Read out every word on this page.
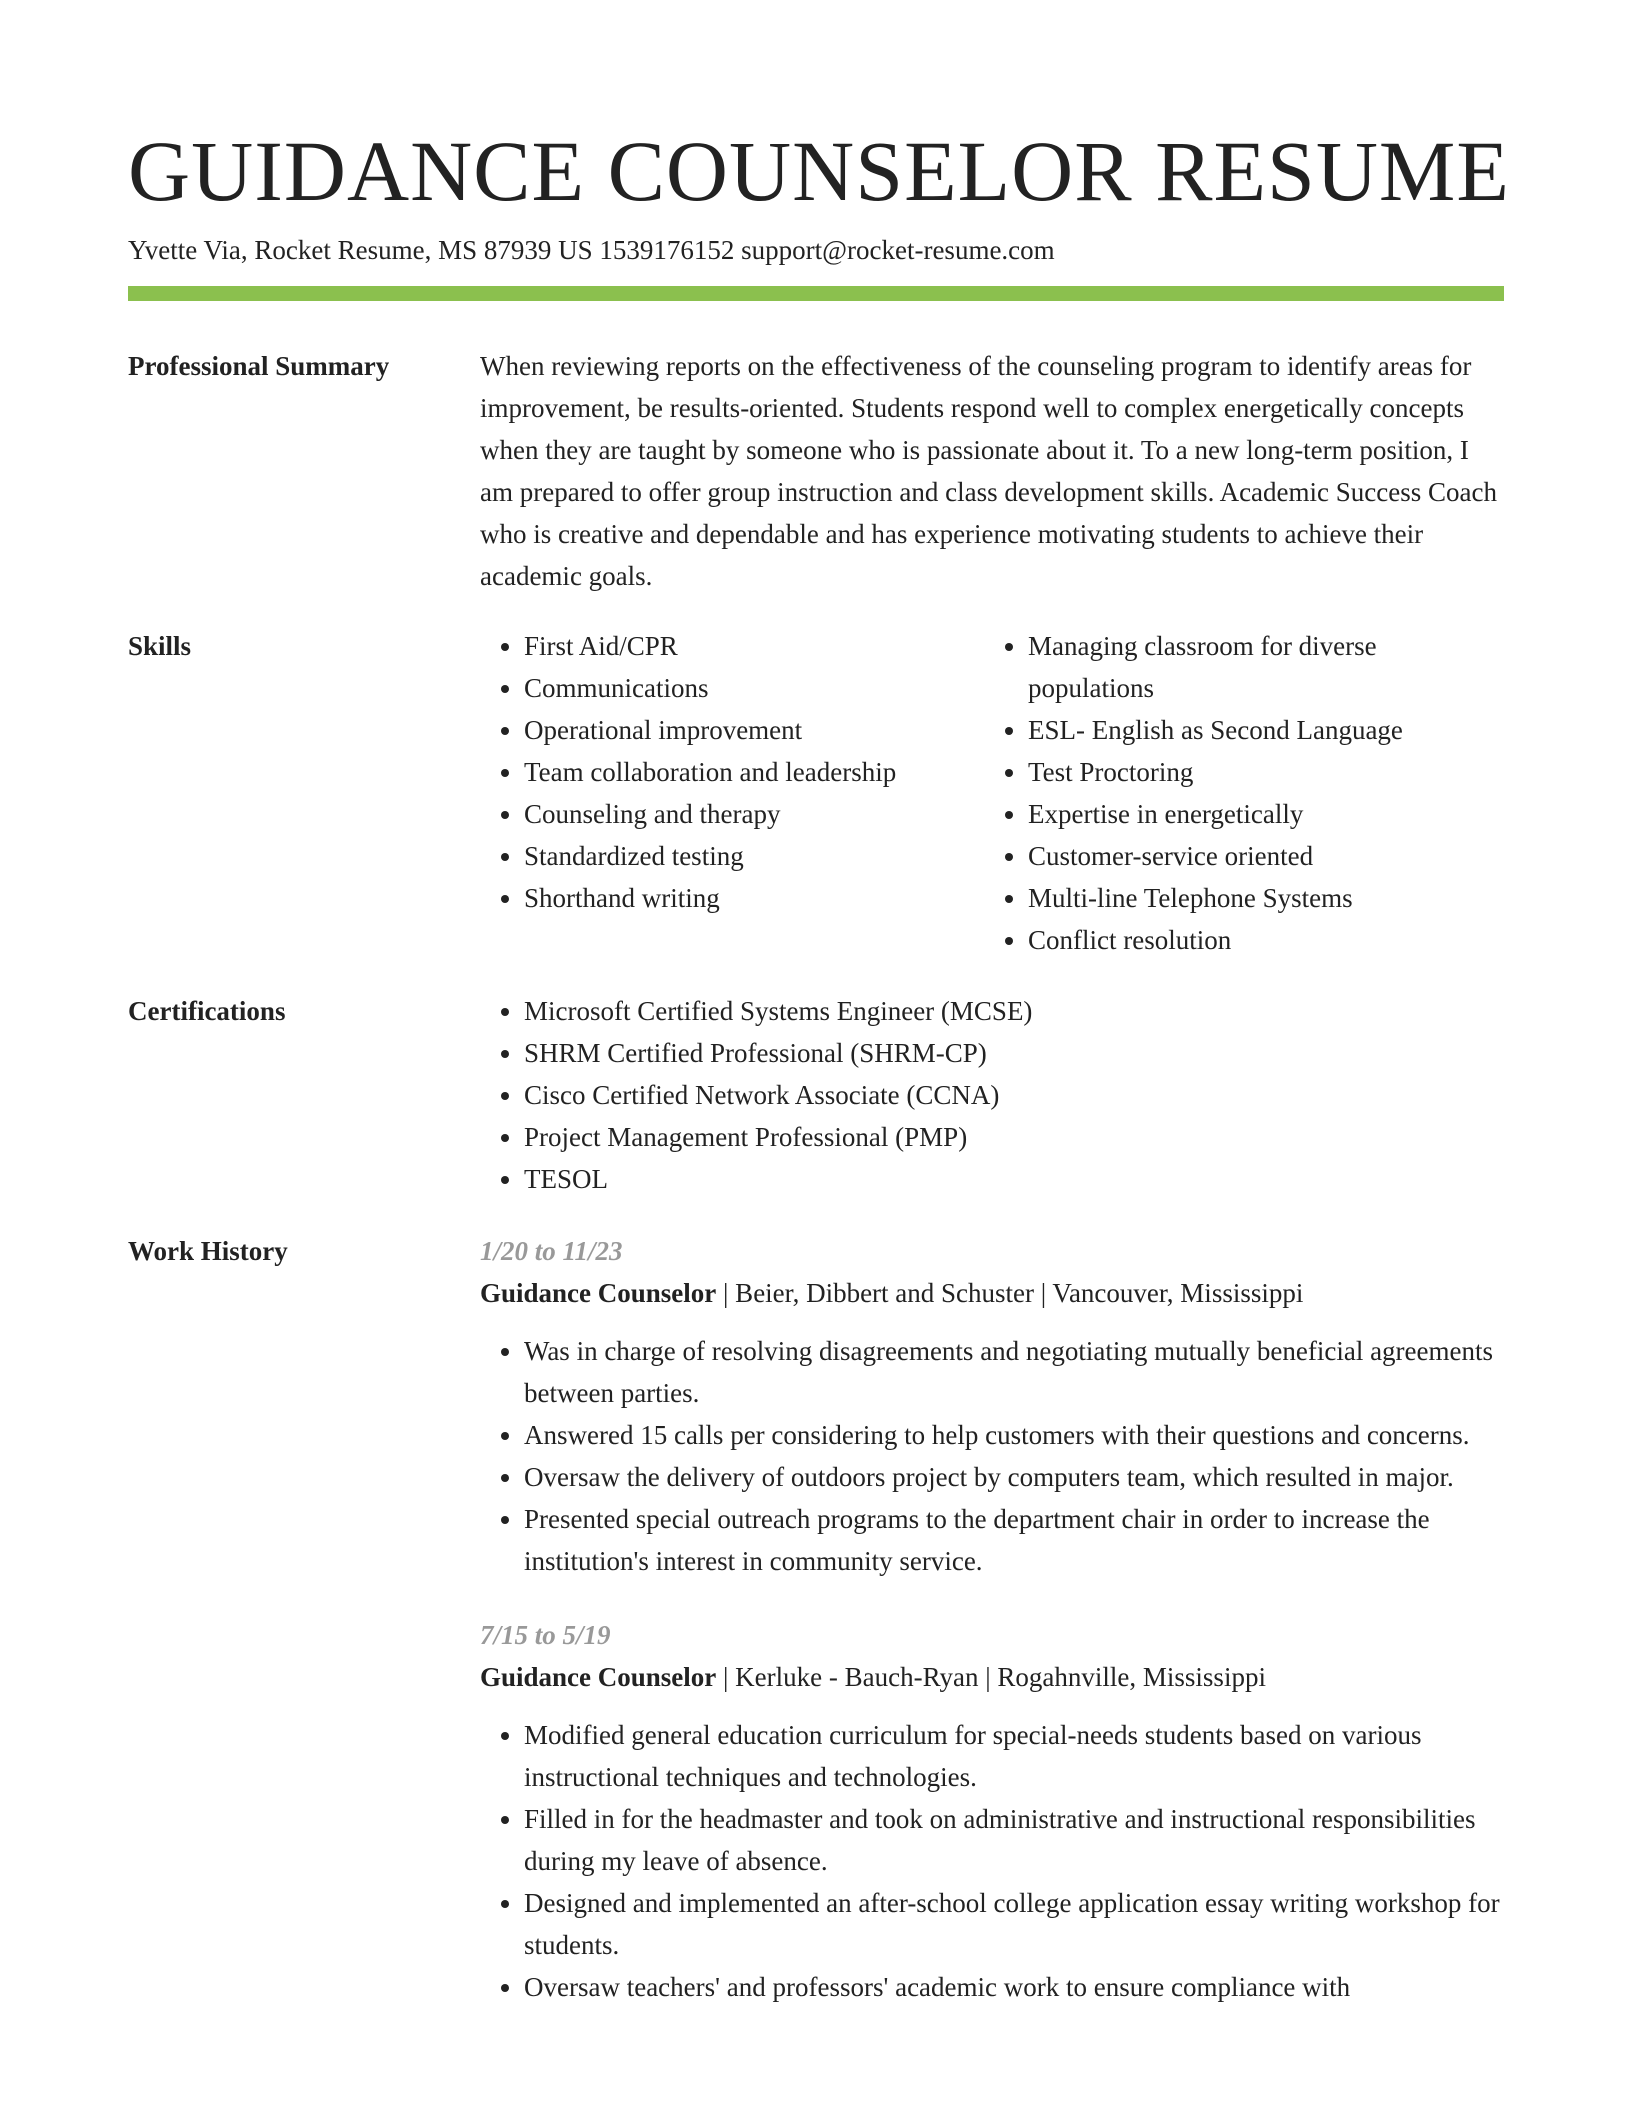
GUIDANCE COUNSELOR RESUME
Yvette Via, Rocket Resume, MS 87939 US 1539176152 support@rocket-resume.com
Professional Summary	When reviewing reports on the effectiveness of the counseling program to identify areas for improvement, be results-oriented. Students respond well to complex energetically concepts when they are taught by someone who is passionate about it. To a new long-term position, I am prepared to offer group instruction and class development skills. Academic Success Coach who is creative and dependable and has experience motivating students to achieve their academic goals.

Skills	• First Aid/CPR
• Communications
• Operational improvement
• Team collaboration and leadership
• Counseling and therapy
• Standardized testing
• Shorthand writing
• Managing classroom for diverse populations
• ESL- English as Second Language
• Test Proctoring
• Expertise in energetically
• Customer-service oriented
• Multi-line Telephone Systems
• Conflict resolution
Certifications	• Microsoft Certified Systems Engineer (MCSE)
• SHRM Certified Professional (SHRM-CP)
• Cisco Certified Network Associate (CCNA)
• Project Management Professional (PMP)
• TESOL
Work History	1/20 to 11/23
Guidance Counselor | Beier, Dibbert and Schuster | Vancouver, Mississippi
• Was in charge of resolving disagreements and negotiating mutually beneficial agreements between parties.
• Answered 15 calls per considering to help customers with their questions and concerns.
• Oversaw the delivery of outdoors project by computers team, which resulted in major.
• Presented special outreach programs to the department chair in order to increase the institution's interest in community service.
7/15 to 5/19
Guidance Counselor | Kerluke - Bauch-Ryan | Rogahnville, Mississippi
• Modified general education curriculum for special-needs students based on various instructional techniques and technologies.
• Filled in for the headmaster and took on administrative and instructional responsibilities during my leave of absence.
• Designed and implemented an after-school college application essay writing workshop for students.
• Oversaw teachers' and professors' academic work to ensure compliance with
